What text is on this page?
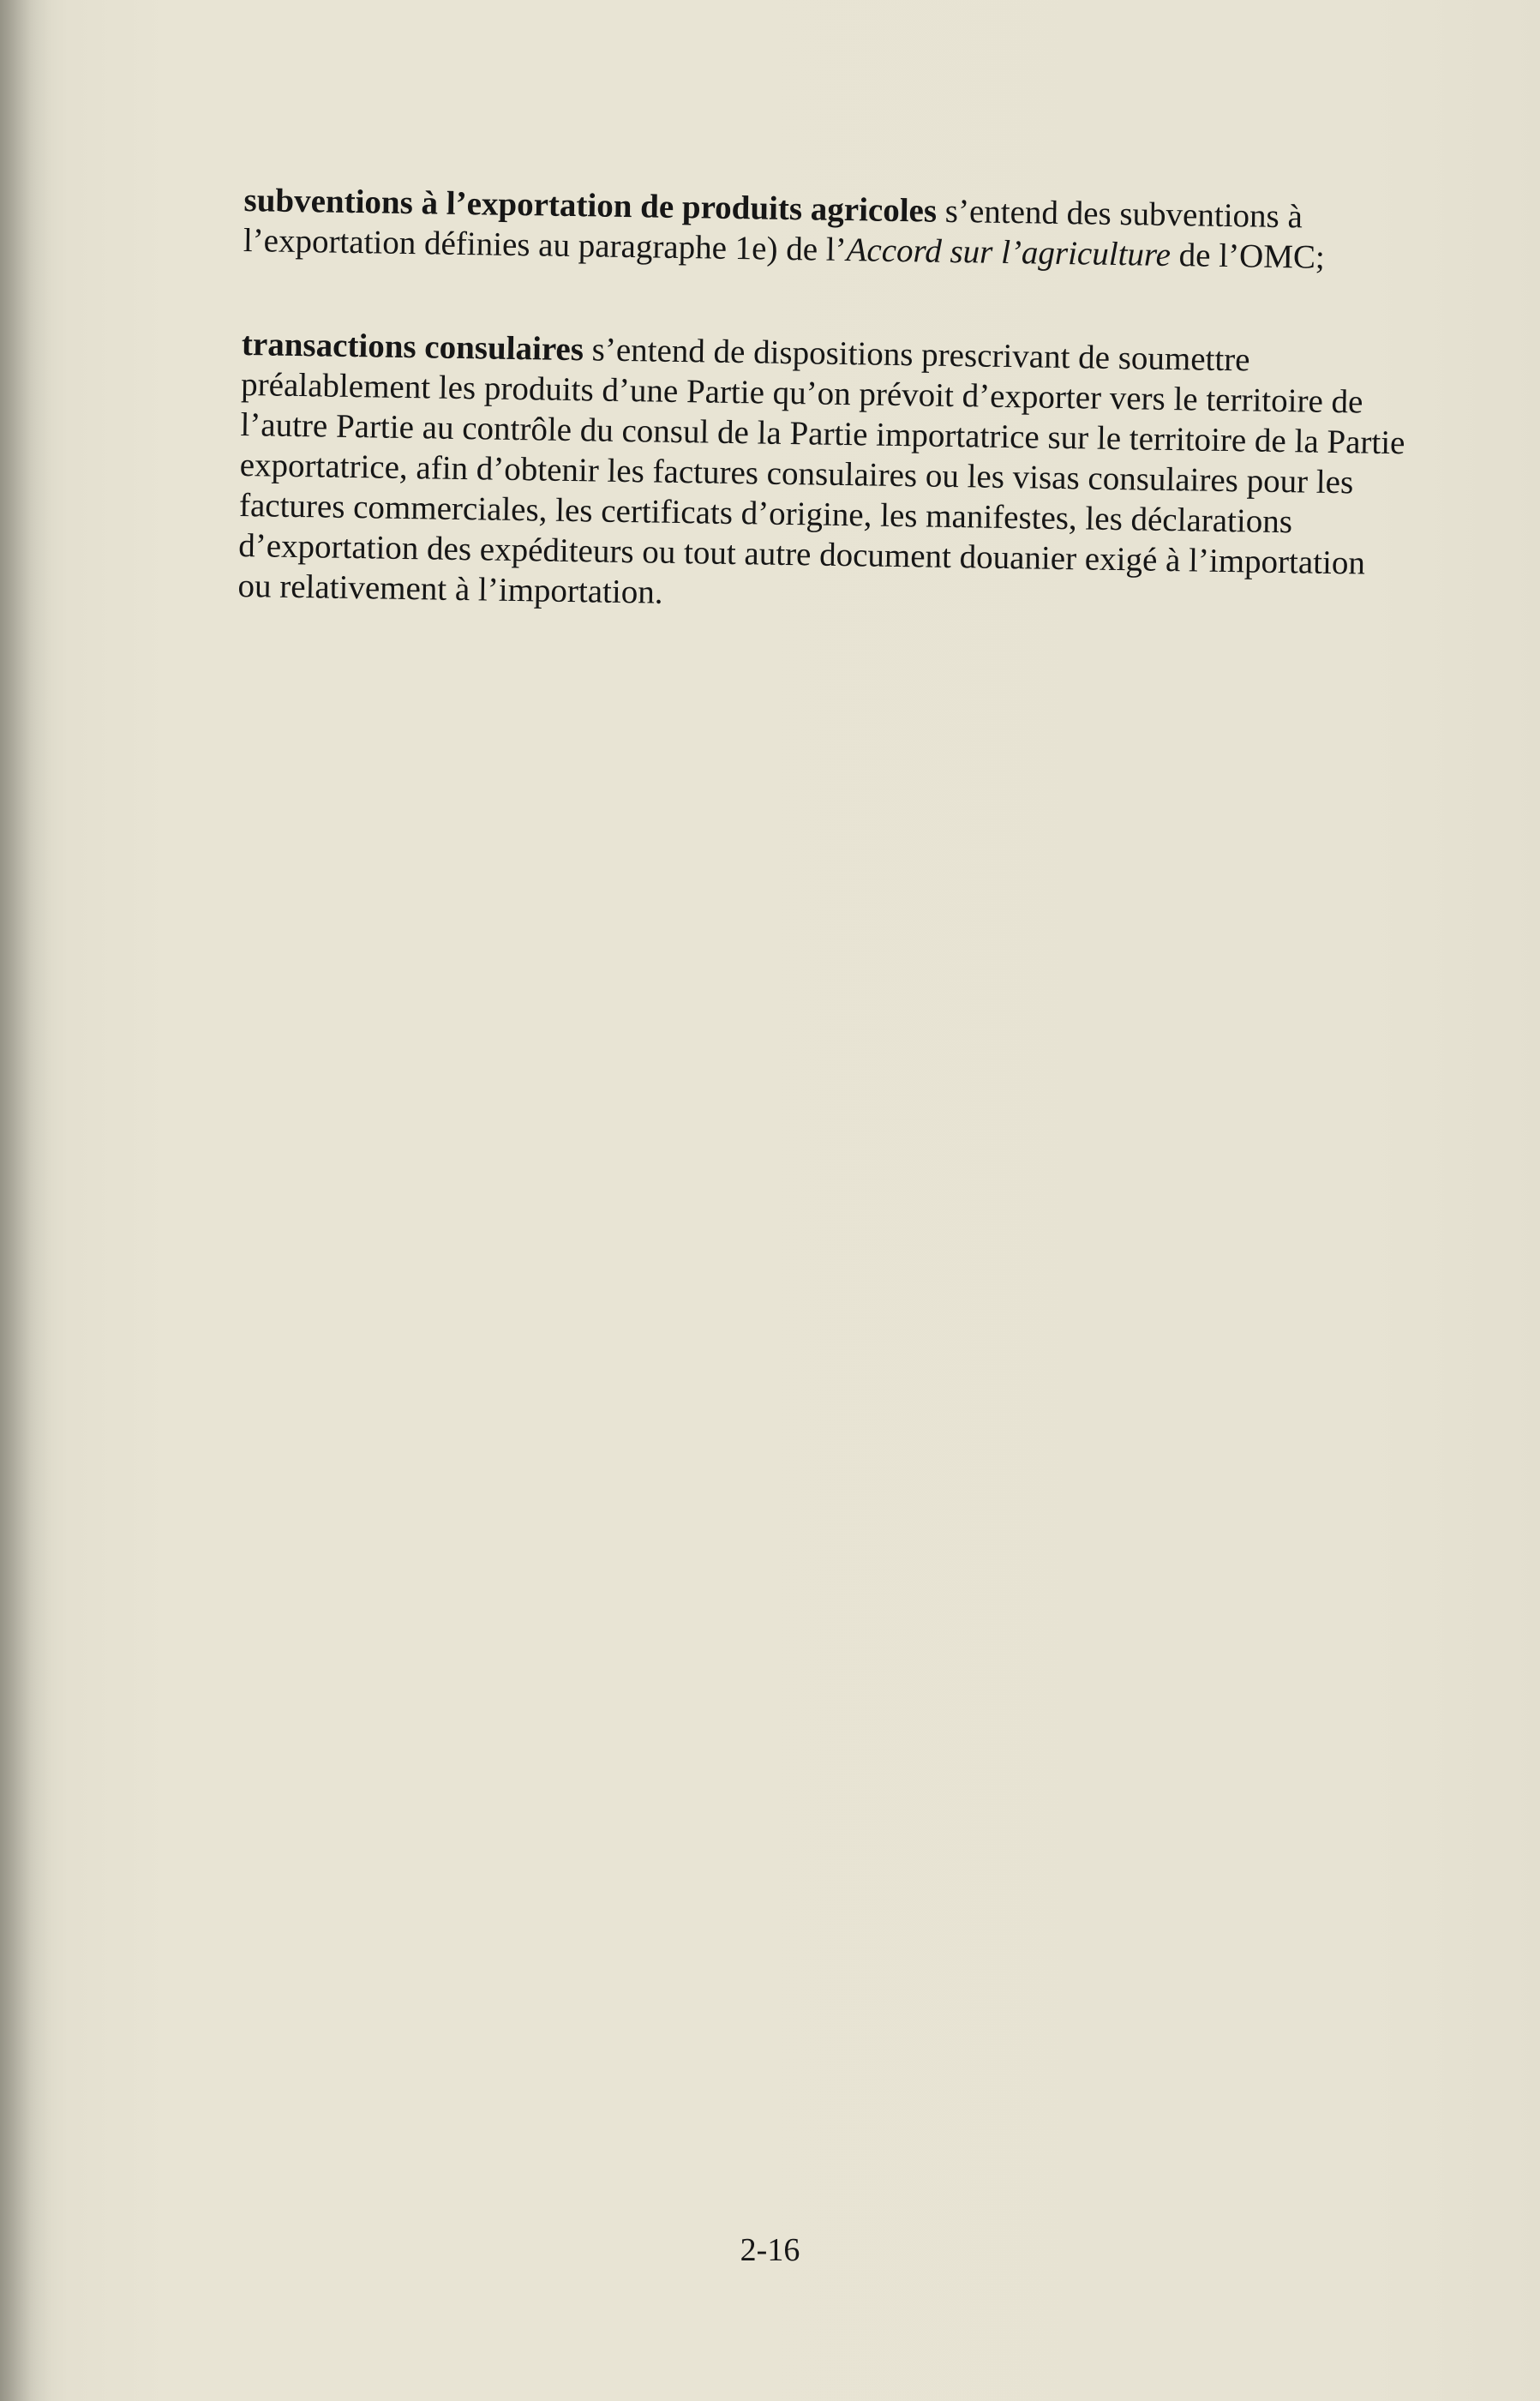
subventions à l’exportation de produits agricoles s’entend des subventions à l’exportation définies au paragraphe 1e) de l’Accord sur l’agriculture de l’OMC;

transactions consulaires s’entend de dispositions prescrivant de soumettre préalablement les produits d’une Partie qu’on prévoit d’exporter vers le territoire de l’autre Partie au contrôle du consul de la Partie importatrice sur le territoire de la Partie exportatrice, afin d’obtenir les factures consulaires ou les visas consulaires pour les factures commerciales, les certificats d’origine, les manifestes, les déclarations d’exportation des expéditeurs ou tout autre document douanier exigé à l’importation ou relativement à l’importation.

2-16
